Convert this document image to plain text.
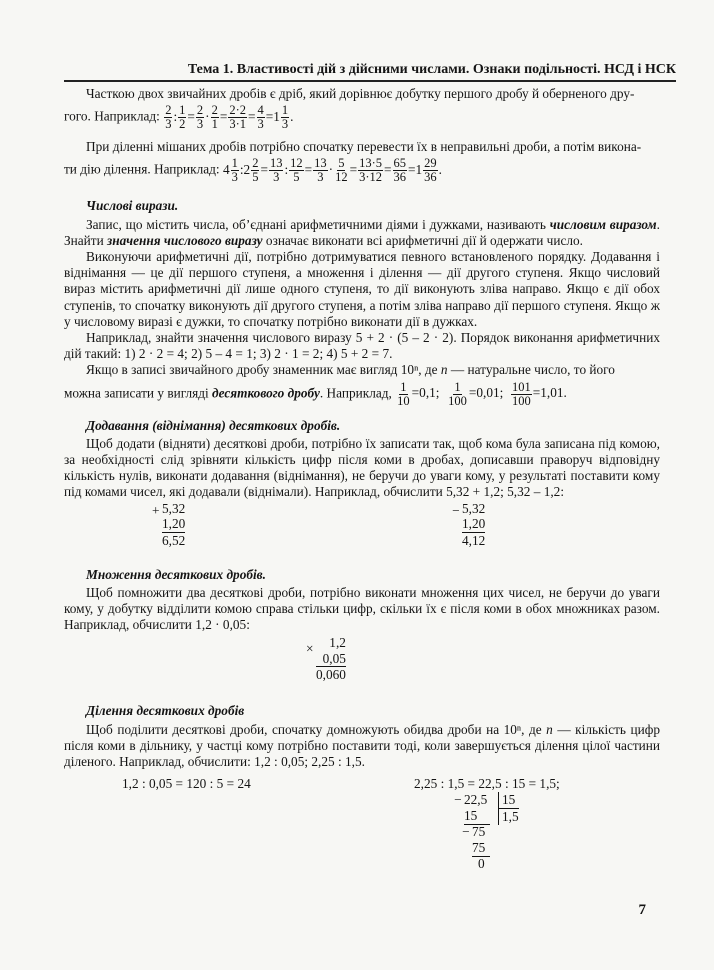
Тема 1. Властивості дій з дійсними числами. Ознаки подільності. НСД і НСК

Часткою двох звичайних дробів є дріб, який дорівнює добутку першого дробу й оберненого дру-

гого. Наприклад: $\frac{2}{3}$ : $\frac{1}{2} = \frac{2}{3} \cdot \frac{2}{1} = \frac{2\cdot 2}{3\cdot 1} = \frac{4}{3} =1 \frac{1}{3}$ .

При діленні мішаних дробів потрібно спочатку перевести їх в неправильні дроби, а потім викона-

ти дію ділення. Наприклад: $4 \frac{1}{3}$ :2 $\frac{2}{5} = \frac{13}{3}$ : $\frac{12}{5} = \frac{13}{3} \cdot \frac{5}{12} = \frac{13\cdot 5}{3\cdot 12} = \frac{65}{36} =1 \frac{29}{36}$ .

Числові вирази.

Запис, що містить числа, об’єднані арифметичними діями і дужками, називають числовим виразом. Знайти значення числового виразу означає виконати всі арифметичні дії й одержати число.

Виконуючи арифметичні дії, потрібно дотримуватися певного встановленого порядку. Додавання і віднімання — це дії першого ступеня, а множення і ділення — дії другого ступеня. Якщо числовий вираз містить арифметичні дії лише одного ступеня, то дії виконують зліва направо. Якщо є дії обох ступенів, то спочатку виконують дії другого ступеня, а потім зліва направо дії першого ступеня. Якщо ж у числовому виразі є дужки, то спочатку потрібно виконати дії в дужках.

Наприклад, знайти значення числового виразу 5 + 2 · (5 – 2 · 2). Порядок виконання арифметичних дій такий: 1) 2 · 2 = 4; 2) 5 – 4 = 1; 3) 2 · 1 = 2; 4) 5 + 2 = 7.

Якщо в записі звичайного дробу знаменник має вигляд 10ⁿ, де n — натуральне число, то його

можна записати у вигляді десяткового дробу. Наприклад, $\frac{1}{10} =0,1$; $\frac{1}{100} =0,01$; $\frac{101}{100} =1,01$.

Додавання (віднімання) десяткових дробів.

Щоб додати (відняти) десяткові дроби, потрібно їх записати так, щоб кома була записана під комою, за необхідності слід зрівняти кількість цифр після коми в дробах, дописавши праворуч відповідну кількість нулів, виконати додавання (віднімання), не беручи до уваги кому, у результаті поставити кому під комами чисел, які додавали (віднімали). Наприклад, обчислити 5,32 + 1,2; 5,32 – 1,2:

+ 5,32
1,20
6,52
− 5,32
1,20
4,12
Множення десяткових дробів.

Щоб помножити два десяткові дроби, потрібно виконати множення цих чисел, не беручи до уваги кому, у добутку відділити комою справа стільки цифр, скільки їх є після коми в обох множниках разом. Наприклад, обчислити 1,2 · 0,05:

×	1,2
0,05
0,060
Ділення десяткових дробів

Щоб поділити десяткові дроби, спочатку домножують обидва дроби на 10ⁿ, де n — кількість цифр після коми в дільнику, у частці кому потрібно поставити тоді, коли завершується ділення цілої частини діленого. Наприклад, обчислити: 1,2 : 0,05; 2,25 : 1,5.

1,2 : 0,05 = 120 : 5 = 24	2,25 : 1,5 = 22,5 : 15 = 1,5;
− 22,5	15
15	1,5
− 75
75
0
7
